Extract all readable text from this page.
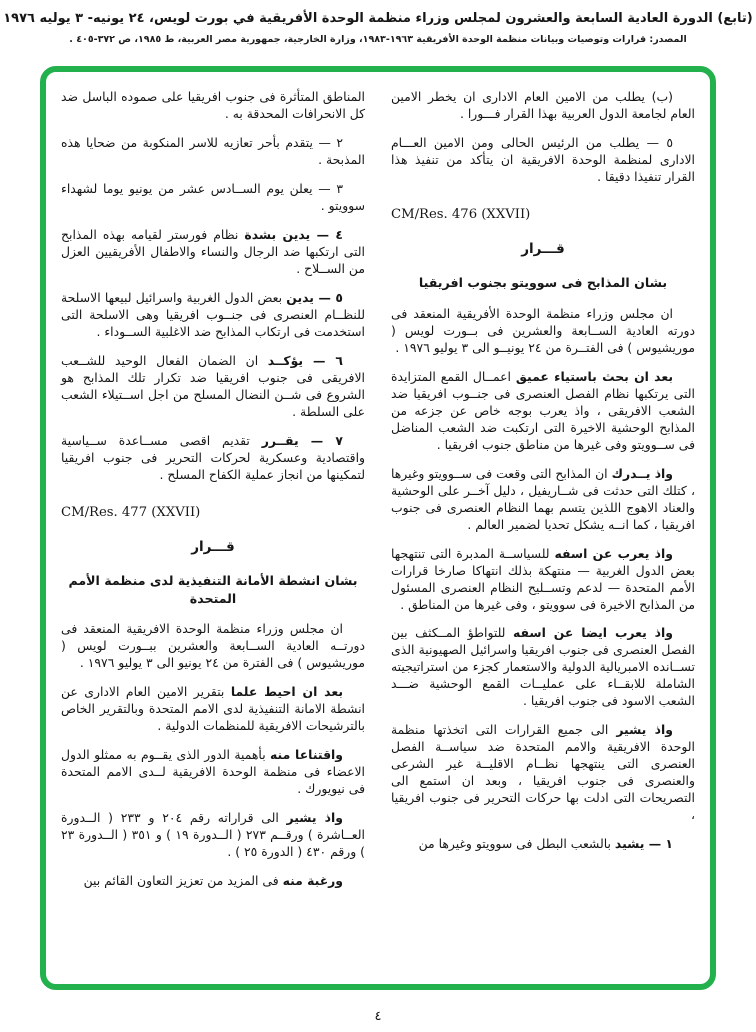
(تابع) الدورة العادية السابعة والعشرون لمجلس وزراء منظمة الوحدة الأفريقية في بورت لويس، ٢٤ يونيه- ٣ يوليه ١٩٧٦
المصدر: قرارات وتوصيات وبيانات منظمة الوحدة الأفريقية ١٩٦٣-١٩٨٣، وزارة الخارجية، جمهورية مصر العربية، ط ١٩٨٥، ص ٣٧٢-٤٠٥ .

(ب) يطلب من الامين العام الادارى ان يخطر الامين العام لجامعة الدول العربية بهذا القرار فـــورا .

٥ — يطلب من الرئيس الحالى ومن الامين العـــام الادارى لمنظمة الوحدة الافريقية ان يتأكد من تنفيذ هذا القرار تنفيذا دقيقا .

CM/Res. 476 (XXVII)

قـــرار

بشان المذابح فى سوويتو بجنوب افريقيا

ان مجلس وزراء منظمة الوحدة الأفريقية المنعقد فى دورته العادية الســابعة والعشرين فى بــورت لويس ( موريشيوس ) فى الفتــرة من ٢٤ يونيــو الى ٣ يوليو ١٩٧٦ .

بعد ان بحث باستياء عميق اعمــال القمع المتزايدة التى يرتكبها نظام الفصل العنصرى فى جنــوب افريقيا ضد الشعب الافريقى ، واذ يعرب بوجه خاص عن جزعه من المذابح الوحشية الاخيرة التى ارتكبت ضد الشعب المناضل فى ســوويتو وفى غيرها من مناطق جنوب افريقيا .

واذ يــدرك ان المذابح التى وقعت فى ســوويتو وغيرها ، كتلك التى حدثت فى شــاريفيل ، دليل آخــر على الوحشية والعناد الاهوج اللذين يتسم بهما النظام العنصرى فى جنوب افريقيا ، كما انــه يشكل تحديا لضمير العالم .

واذ يعرب عن اسفه للسياســة المدبرة التى تنتهجها بعض الدول الغربية — منتهكة بذلك انتهاكا صارخا قرارات الأمم المتحدة — لدعم وتســليح النظام العنصرى المسئول من المذابح الاخيرة فى سوويتو ، وفى غيرها من المناطق .

واذ يعرب ايضا عن اسفه للتواطؤ المــكثف بين الفصل العنصرى فى جنوب افريقيا واسرائيل الصهيونية الذى تســانده الامبريالية الدولية والاستعمار كجزء من استراتيجيته الشاملة للابقــاء على عمليــات القمع الوحشية ضـــد الشعب الاسود فى جنوب افريقيا .

واذ يشير الى جميع القرارات التى اتخذتها منظمة الوحدة الافريقية والامم المتحدة ضد سياســة الفصل العنصرى التى ينتهجها نظــام الاقليــة غير الشرعى والعنصرى فى جنوب افريقيا ، وبعد ان استمع الى التصريحات التى ادلت بها حركات التحرير فى جنوب افريقيا ،

١ — يشيد بالشعب البطل فى سوويتو وغيرها من

المناطق المتأثرة فى جنوب افريقيا على صموده الباسل ضد كل الانحرافات المحدقة به .

٢ — يتقدم بأحر تعازيه للاسر المنكوبة من ضحايا هذه المذبحة .

٣ — يعلن يوم الســادس عشر من يونيو يوما لشهداء سوويتو .

٤ — يدين بشدة نظام فورستر لقيامه بهذه المذابح التى ارتكبها ضد الرجال والنساء والاطفال الأفريقيين العزل من الســلاح .

٥ — يدين بعض الدول الغربية واسرائيل لبيعها الاسلحة للنظــام العنصرى فى جنــوب افريقيا وهى الاسلحة التى استخدمت فى ارتكاب المذابح ضد الاغلبية الســوداء .

٦ — يؤكــد ان الضمان الفعال الوحيد للشــعب الافريقى فى جنوب افريقيا ضد تكرار تلك المذابح هو الشروع فى شــن النضال المسلح من اجل اســتيلاء الشعب على السلطة .

٧ — يقــرر تقديم اقصى مســاعدة ســياسية واقتصادية وعسكرية لحركات التحرير فى جنوب افريقيا لتمكينها من انجاز عملية الكفاح المسلح .

CM/Res. 477 (XXVII)

قـــرار

بشان انشطة الأمانة التنفيذية لدى منظمة الأمم المتحدة

ان مجلس وزراء منظمة الوحدة الافريقية المنعقد فى دورتــه العادية الســابعة والعشرين ببــورت لويس ( موريشيوس ) فى الفترة من ٢٤ يونيو الى ٣ يوليو ١٩٧٦ .

بعد ان احيط علما بتقرير الامين العام الادارى عن انشطة الامانة التنفيذية لدى الامم المتحدة وبالتقرير الخاص بالترشيحات الافريقية للمنظمات الدولية .

واقتناعا منه بأهمية الدور الذى يقــوم به ممثلو الدول الاعضاء فى منظمة الوحدة الافريقية لــدى الامم المتحدة فى نيويورك .

واذ يشير الى قراراته رقم ٢٠٤ و ٢٣٣ ( الــدورة العــاشرة ) ورقــم ٢٧٣ ( الــدورة ١٩ ) و ٣٥١ ( الــدورة ٢٣ ) ورقم ٤٣٠ ( الدورة ٢٥ ) .

ورغبة منه فى المزيد من تعزيز التعاون القائم بين

٤
